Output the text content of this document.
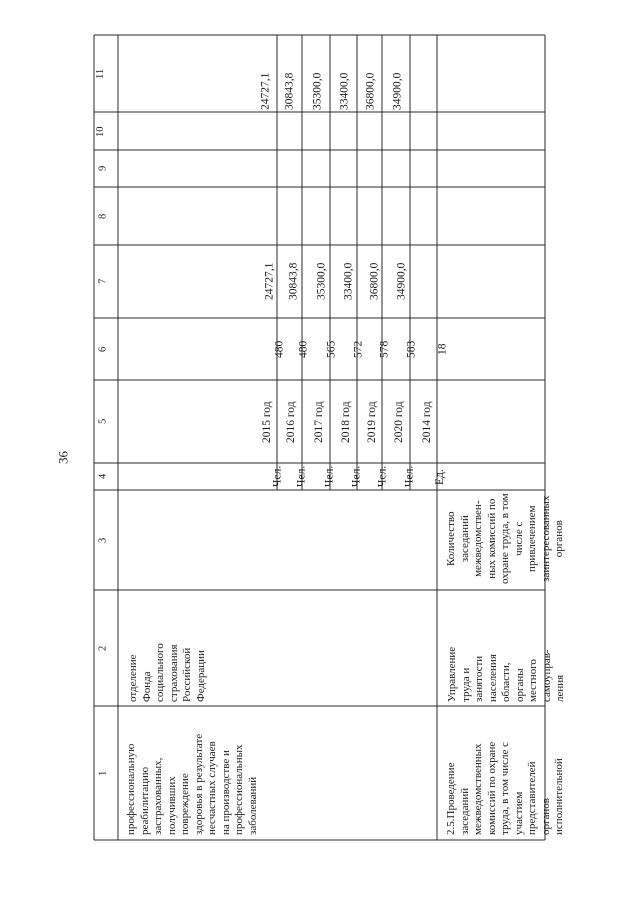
36
1
2
3
4
5
6
7
8
9
10
11
профессиональную реабилитацию застрахованных, получивших повреждение здоровья в результате несчастных случаев на производстве и профессиональных заболеваний
отделение Фонда социального страхования Российской Федерации
2.5.Проведение заседаний межведомственных комиссий по охране труда, в том числе с участием представителей органов исполнительной
Управление труда и занятости населения области, органы местного самоуправ- ления
Количество заседаний межведомствен- ных комиссий по охране труда, в том числе с привлечением заинтересованных органов
Чел.
2015 год
480
24727,1
24727,1
Чел.
2016 год
480
30843,8
30843,8
Чел.
2017 год
565
35300,0
35300,0
Чел.
2018 год
572
33400,0
33400,0
Чел.
2019 год
578
36800,0
36800,0
Чел.
2020 год
583
34900,0
34900,0
Ед.
2014 год
18
